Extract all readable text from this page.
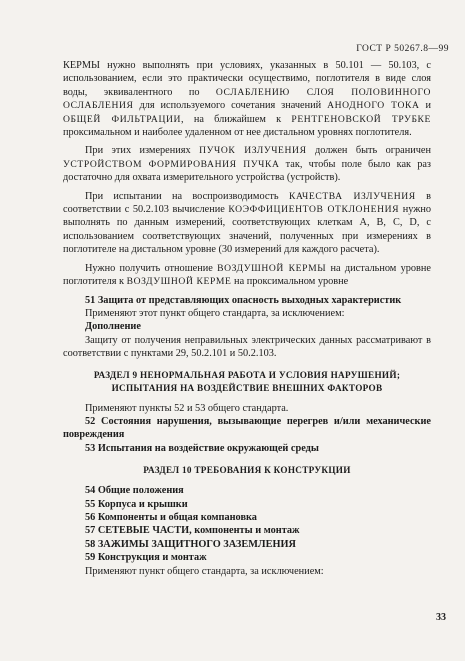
ГОСТ Р 50267.8—99

КЕРМЫ нужно выполнять при условиях, указанных в 50.101 — 50.103, с использованием, если это практически осуществимо, поглотителя в виде слоя воды, эквивалентного по ОСЛАБЛЕНИЮ СЛОЯ ПОЛОВИННОГО ОСЛАБЛЕНИЯ для используемого сочетания значений АНОДНОГО ТОКА и ОБЩЕЙ ФИЛЬТРАЦИИ, на ближайшем к РЕНТГЕНОВСКОЙ ТРУБКЕ проксимальном и наиболее удаленном от нее дистальном уровнях поглотителя.

При этих измерениях ПУЧОК ИЗЛУЧЕНИЯ должен быть ограничен УСТРОЙСТВОМ ФОРМИРОВАНИЯ ПУЧКА так, чтобы поле было как раз достаточно для охвата измерительного устройства (устройств).

При испытании на воспроизводимость КАЧЕСТВА ИЗЛУЧЕНИЯ в соответствии с 50.2.103 вычисление КОЭФФИЦИЕНТОВ ОТКЛОНЕНИЯ нужно выполнять по данным измерений, соответствующих клеткам A, B, C, D, с использованием соответствующих значений, полученных при измерениях в поглотителе на дистальном уровне (30 измерений для каждого расчета).

Нужно получить отношение ВОЗДУШНОЙ КЕРМЫ на дистальном уровне поглотителя к ВОЗДУШНОЙ КЕРМЕ на проксимальном уровне

51 Защита от представляющих опасность выходных характеристик

Применяют этот пункт общего стандарта, за исключением:

Дополнение

Защиту от получения неправильных электрических данных рассматривают в соответствии с пунктами 29, 50.2.101 и 50.2.103.

РАЗДЕЛ 9 НЕНОРМАЛЬНАЯ РАБОТА И УСЛОВИЯ НАРУШЕНИЙ;
ИСПЫТАНИЯ НА ВОЗДЕЙСТВИЕ ВНЕШНИХ ФАКТОРОВ

Применяют пункты 52 и 53 общего стандарта.

52 Состояния нарушения, вызывающие перегрев и/или механические повреждения

53 Испытания на воздействие окружающей среды

РАЗДЕЛ 10 ТРЕБОВАНИЯ К КОНСТРУКЦИИ

54 Общие положения

55 Корпуса и крышки

56 Компоненты и общая компановка

57 СЕТЕВЫЕ ЧАСТИ, компоненты и монтаж

58 ЗАЖИМЫ ЗАЩИТНОГО ЗАЗЕМЛЕНИЯ

59 Конструкция и монтаж

Применяют пункт общего стандарта, за исключением:

33
